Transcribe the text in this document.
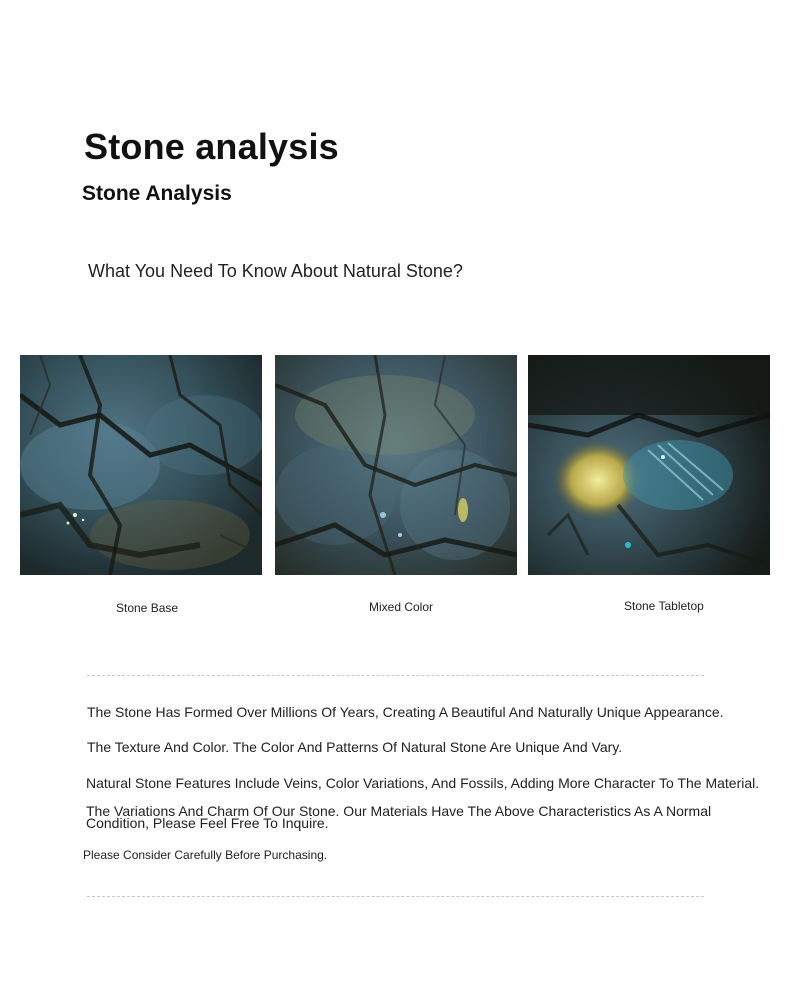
Stone analysis
Stone Analysis
What You Need To Know About Natural Stone?
Stone Base	Mixed Color	Stone Tabletop
The Stone Has Formed Over Millions Of Years, Creating A Beautiful And Naturally Unique Appearance.
The Texture And Color. The Color And Patterns Of Natural Stone Are Unique And Vary.
Natural Stone Features Include Veins, Color Variations, And Fossils, Adding More Character To The Material.
The Variations And Charm Of Our Stone. Our Materials Have The Above Characteristics As A Normal Condition, Please Feel Free To Inquire.
Please Consider Carefully Before Purchasing.
